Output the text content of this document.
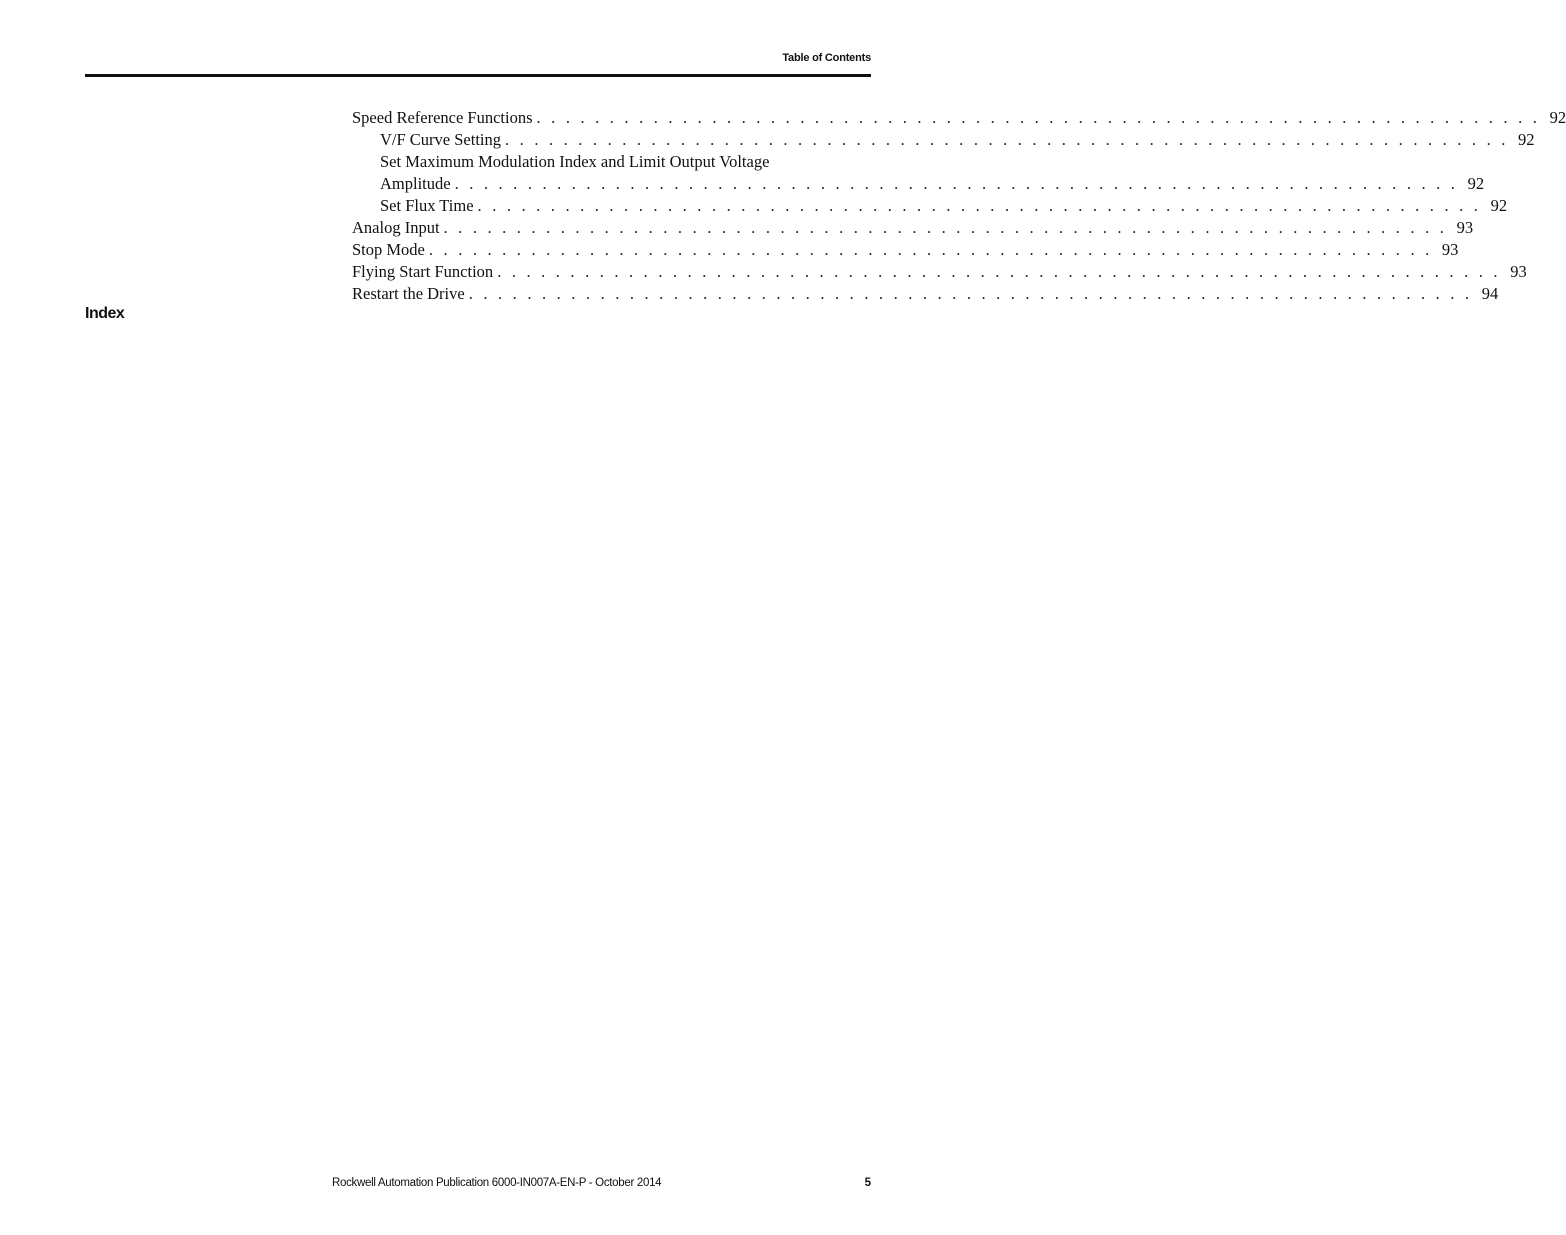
Table of Contents
Speed Reference Functions . . . . . . . . . . . . . . . . . . . . . . . . . . . . . . . . . . . . . . . . . . . . . . . . . . . . . . . . . . . . . . . . . . . . . 92
V/F Curve Setting . . . . . . . . . . . . . . . . . . . . . . . . . . . . . . . . . . . . . . . . . . . . . . . . . . . . . . . . . . . . . . . . . . . . . 92
Set Maximum Modulation Index and Limit Output Voltage
Amplitude . . . . . . . . . . . . . . . . . . . . . . . . . . . . . . . . . . . . . . . . . . . . . . . . . . . . . . . . . . . . . . . . . . . . . 92
Set Flux Time . . . . . . . . . . . . . . . . . . . . . . . . . . . . . . . . . . . . . . . . . . . . . . . . . . . . . . . . . . . . . . . . . . . . . 92
Analog Input . . . . . . . . . . . . . . . . . . . . . . . . . . . . . . . . . . . . . . . . . . . . . . . . . . . . . . . . . . . . . . . . . . . . . 93
Stop Mode . . . . . . . . . . . . . . . . . . . . . . . . . . . . . . . . . . . . . . . . . . . . . . . . . . . . . . . . . . . . . . . . . . . . . 93
Flying Start Function . . . . . . . . . . . . . . . . . . . . . . . . . . . . . . . . . . . . . . . . . . . . . . . . . . . . . . . . . . . . . . . . . . . . . 93
Restart the Drive . . . . . . . . . . . . . . . . . . . . . . . . . . . . . . . . . . . . . . . . . . . . . . . . . . . . . . . . . . . . . . . . . . . . . 94
Index
Rockwell Automation Publication 6000-IN007A-EN-P - October 2014	5
